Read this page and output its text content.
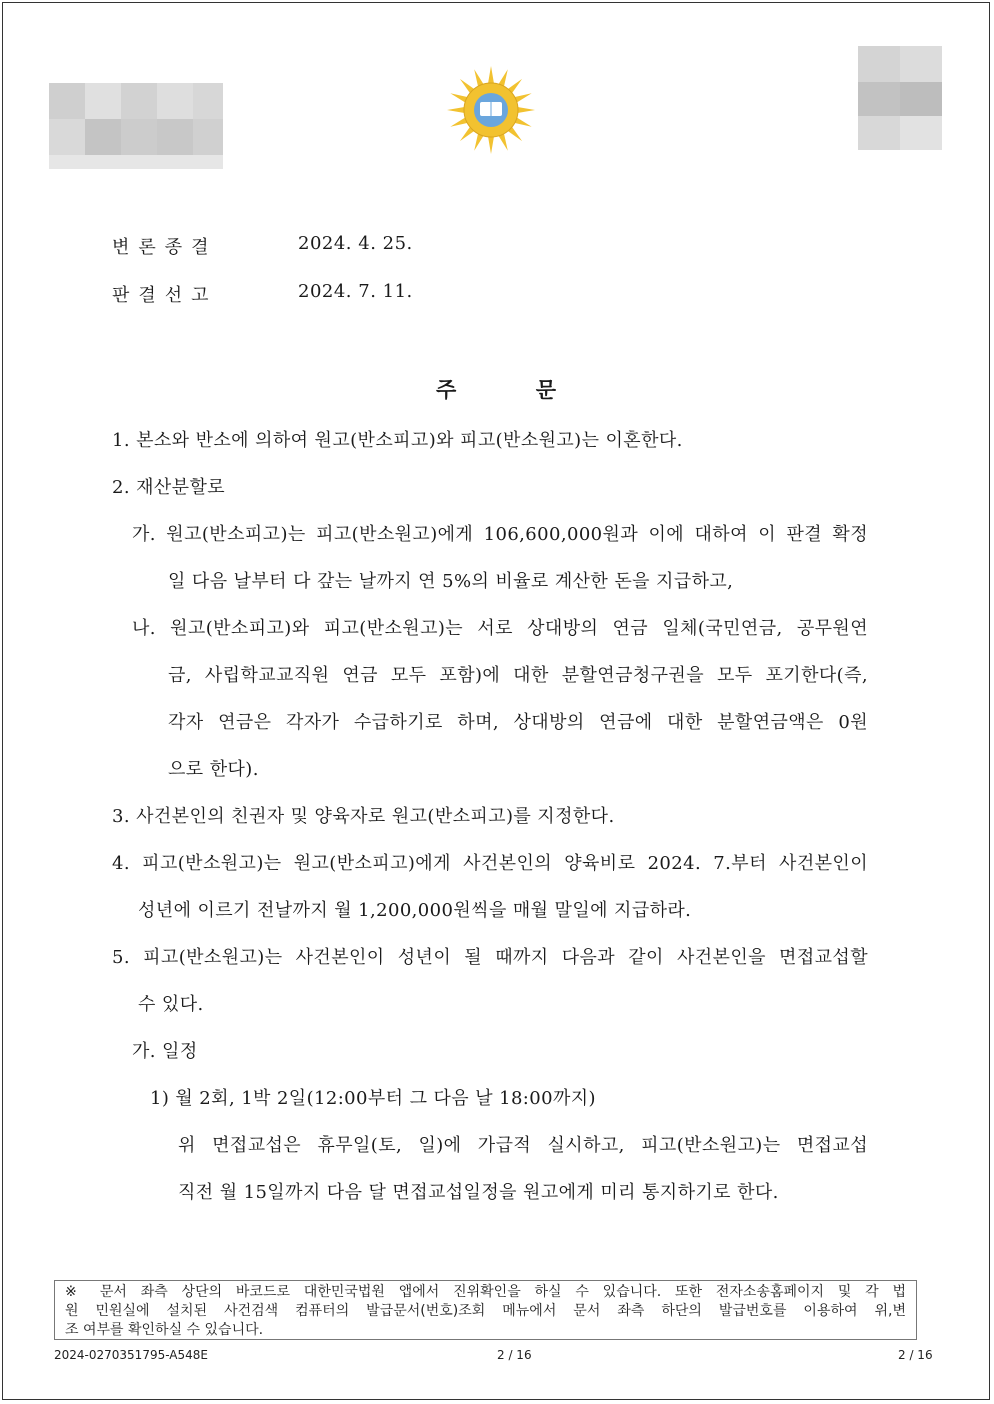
변론종결	2024. 4. 25.
판결선고	2024. 7. 11.
주	문
1. 본소와 반소에 의하여 원고(반소피고)와 피고(반소원고)는 이혼한다.
2. 재산분할로
가. 원고(반소피고)는 피고(반소원고)에게 106,600,000원과 이에 대하여 이 판결 확정
일 다음 날부터 다 갚는 날까지 연 5%의 비율로 계산한 돈을 지급하고,
나. 원고(반소피고)와 피고(반소원고)는 서로 상대방의 연금 일체(국민연금, 공무원연
금, 사립학교교직원 연금 모두 포함)에 대한 분할연금청구권을 모두 포기한다(즉,
각자 연금은 각자가 수급하기로 하며, 상대방의 연금에 대한 분할연금액은 0원
으로 한다).
3. 사건본인의 친권자 및 양육자로 원고(반소피고)를 지정한다.
4. 피고(반소원고)는 원고(반소피고)에게 사건본인의 양육비로 2024. 7.부터 사건본인이
성년에 이르기 전날까지 월 1,200,000원씩을 매월 말일에 지급하라.
5. 피고(반소원고)는 사건본인이 성년이 될 때까지 다음과 같이 사건본인을 면접교섭할
수 있다.
가. 일정
1) 월 2회, 1박 2일(12:00부터 그 다음 날 18:00까지)
위 면접교섭은 휴무일(토, 일)에 가급적 실시하고, 피고(반소원고)는 면접교섭
직전 월 15일까지 다음 달 면접교섭일정을 원고에게 미리 통지하기로 한다.
※ 문서 좌측 상단의 바코드로 대한민국법원 앱에서 진위확인을 하실 수 있습니다. 또한 전자소송홈페이지 및 각 법
원 민원실에 설치된 사건검색 컴퓨터의 발급문서(번호)조회 메뉴에서 문서 좌측 하단의 발급번호를 이용하여 위,변
조 여부를 확인하실 수 있습니다.
2024-0270351795-A548E	2 / 16	2 / 16
